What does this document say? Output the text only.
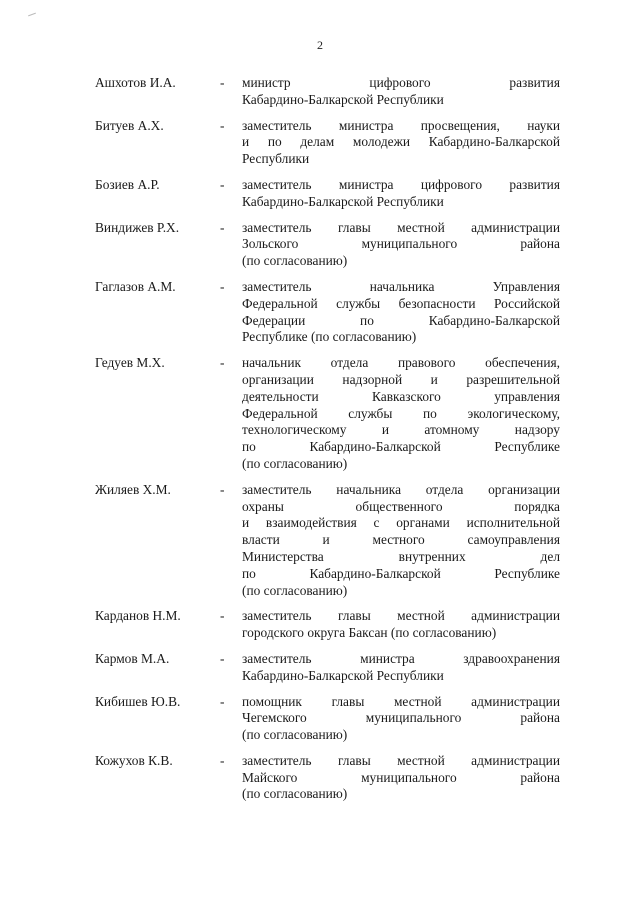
2
Ашхотов И.А.	-	министр цифрового развития
Кабардино-Балкарской Республики
Битуев А.Х.	-	заместитель министра просвещения, науки
и по делам молодежи Кабардино-Балкарской
Республики
Бозиев А.Р.	-	заместитель министра цифрового развития
Кабардино-Балкарской Республики
Виндижев Р.Х.	-	заместитель главы местной администрации
Зольского муниципального района
(по согласованию)
Гаглазов А.М.	-	заместитель начальника Управления
Федеральной службы безопасности Российской
Федерации по Кабардино-Балкарской
Республике (по согласованию)
Гедуев М.Х.	-	начальник отдела правового обеспечения,
организации надзорной и разрешительной
деятельности Кавказского управления
Федеральной службы по экологическому,
технологическому и атомному надзору
по Кабардино-Балкарской Республике
(по согласованию)
Жиляев Х.М.	-	заместитель начальника отдела организации
охраны общественного порядка
и взаимодействия с органами исполнительной
власти и местного самоуправления
Министерства внутренних дел
по Кабардино-Балкарской Республике
(по согласованию)
Карданов Н.М.	-	заместитель главы местной администрации
городского округа Баксан (по согласованию)
Кармов М.А.	-	заместитель министра здравоохранения
Кабардино-Балкарской Республики
Кибишев Ю.В.	-	помощник главы местной администрации
Чегемского муниципального района
(по согласованию)
Кожухов К.В.	-	заместитель главы местной администрации
Майского муниципального района
(по согласованию)
